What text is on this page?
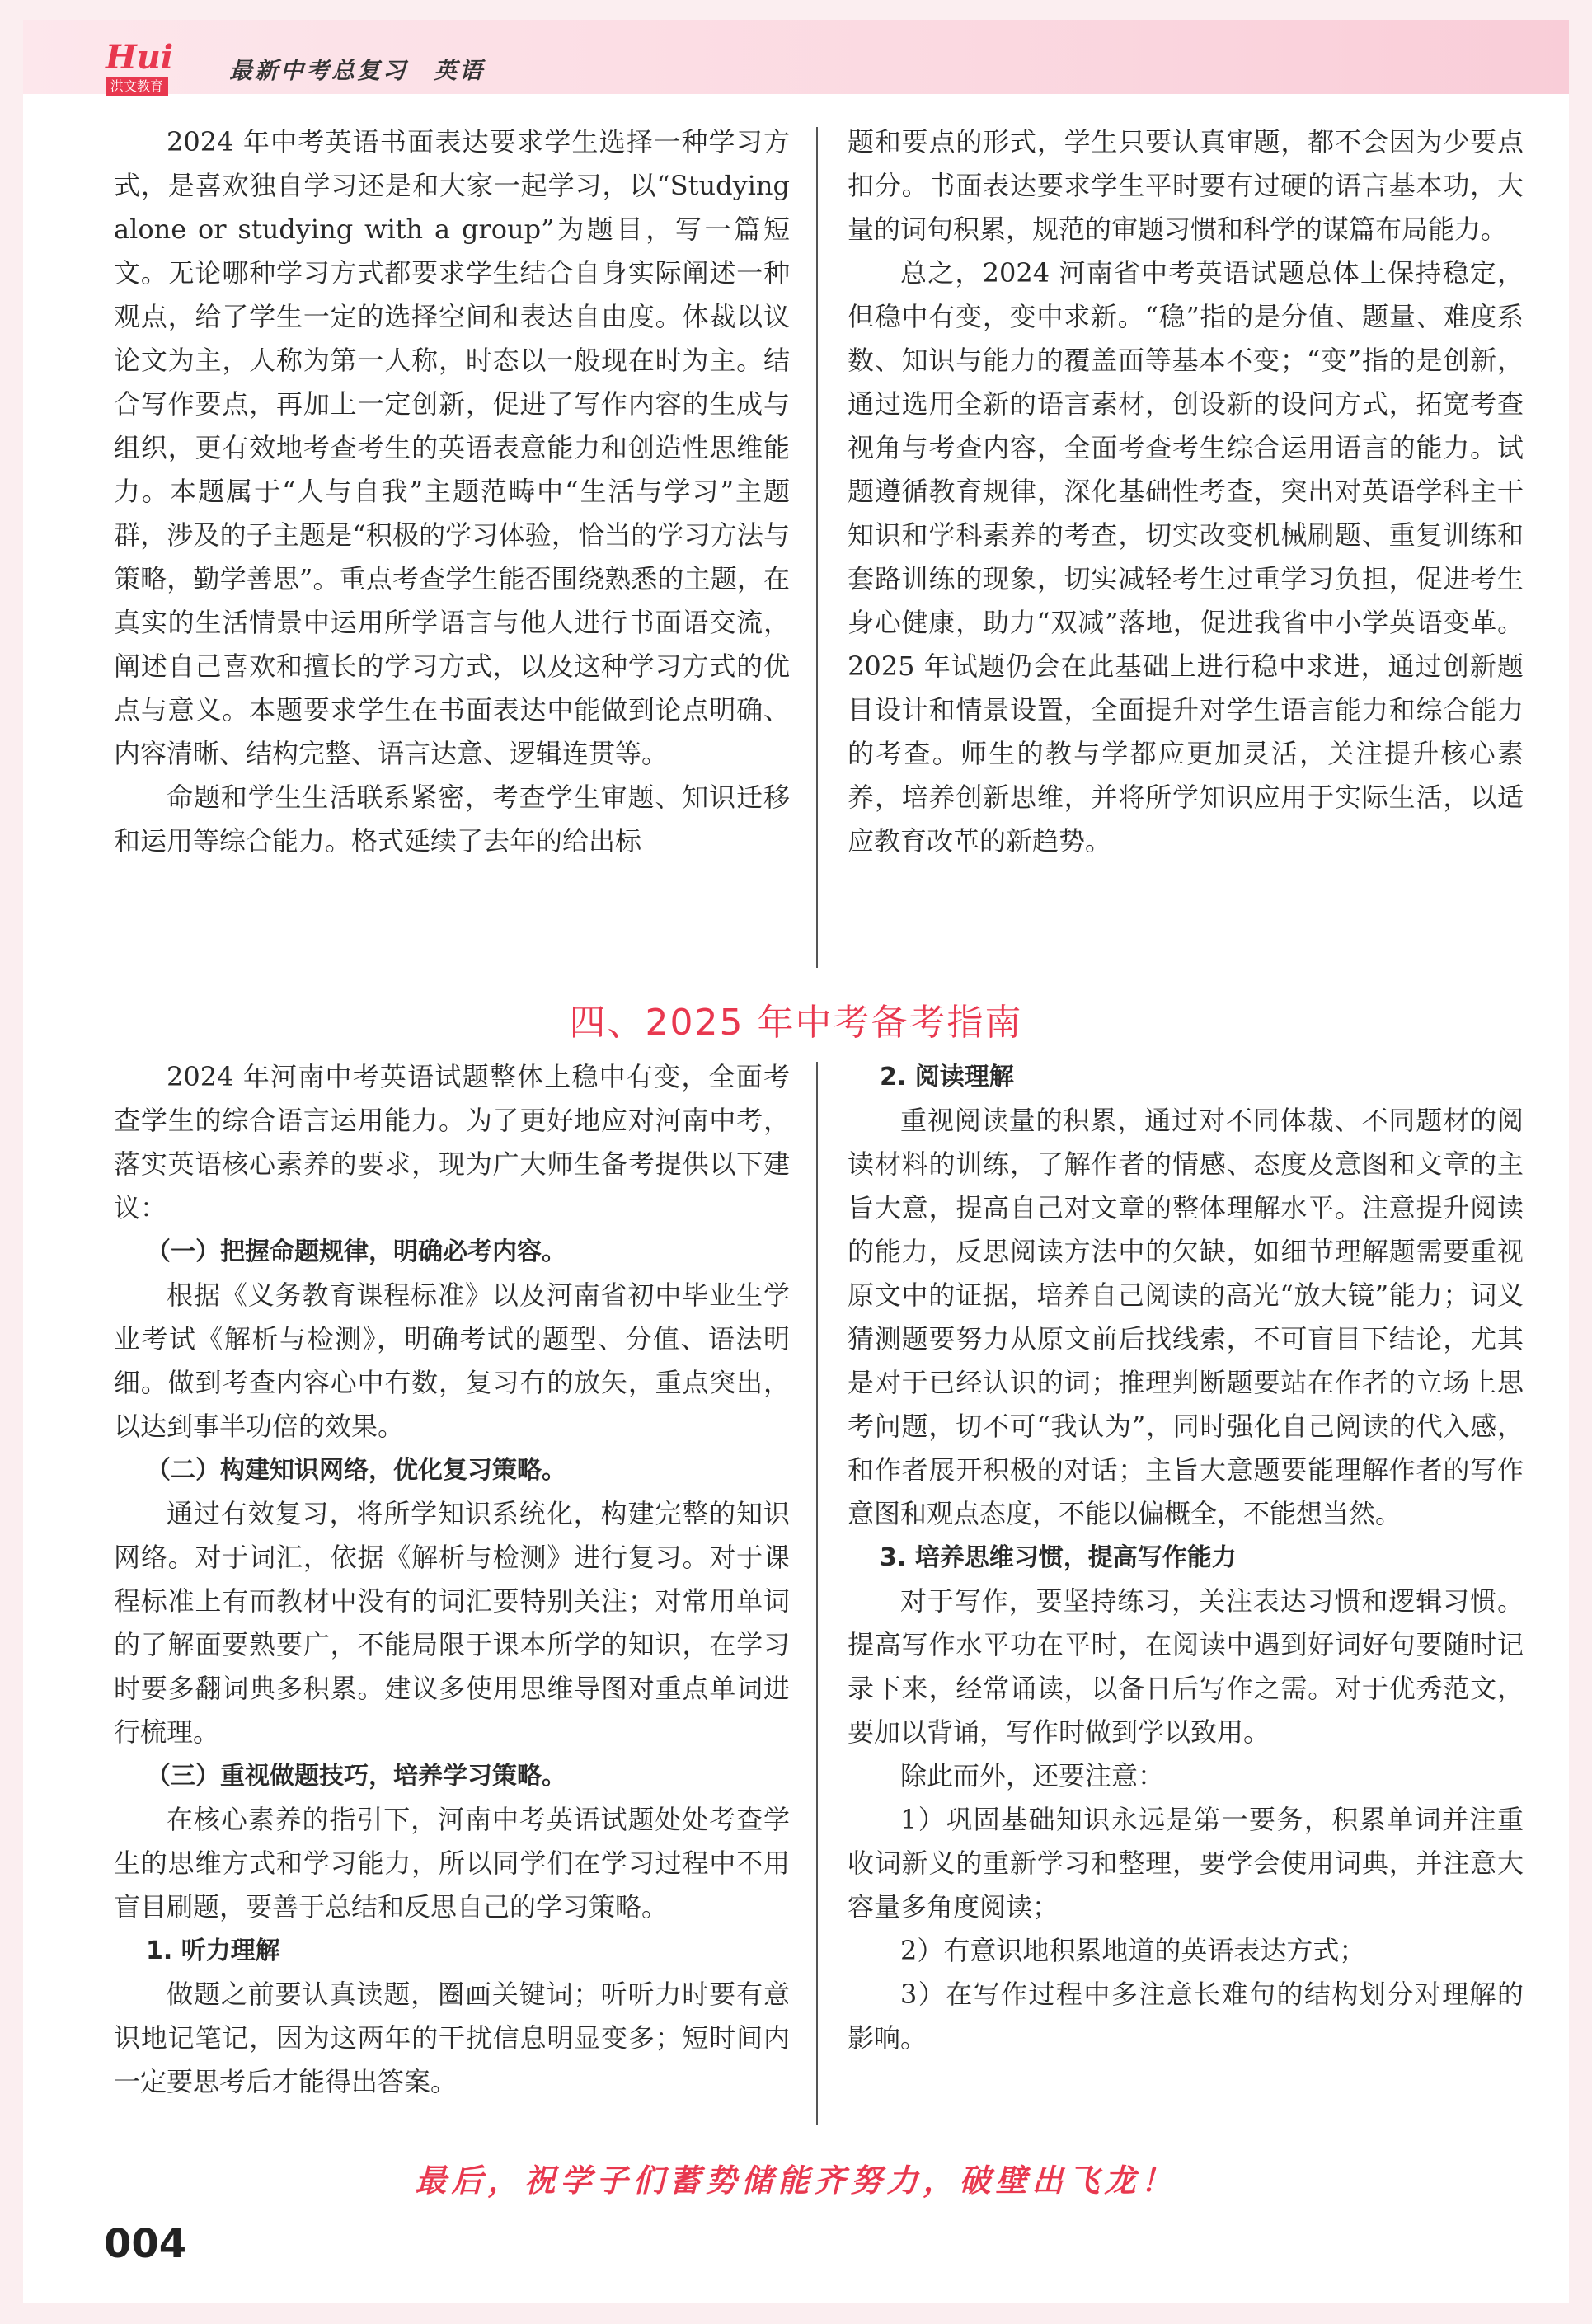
Hui
洪文教育
最新中考总复习　英语

2024 年中考英语书面表达要求学生选择一种学习方式，是喜欢独自学习还是和大家一起学习，以“Studying alone or studying with a group”为题目，写一篇短文。无论哪种学习方式都要求学生结合自身实际阐述一种观点，给了学生一定的选择空间和表达自由度。体裁以议论文为主，人称为第一人称，时态以一般现在时为主。结合写作要点，再加上一定创新，促进了写作内容的生成与组织，更有效地考查考生的英语表意能力和创造性思维能力。本题属于“人与自我”主题范畴中“生活与学习”主题群，涉及的子主题是“积极的学习体验，恰当的学习方法与策略，勤学善思”。重点考查学生能否围绕熟悉的主题，在真实的生活情景中运用所学语言与他人进行书面语交流，阐述自己喜欢和擅长的学习方式，以及这种学习方式的优点与意义。本题要求学生在书面表达中能做到论点明确、内容清晰、结构完整、语言达意、逻辑连贯等。

命题和学生生活联系紧密，考查学生审题、知识迁移和运用等综合能力。格式延续了去年的给出标

题和要点的形式，学生只要认真审题，都不会因为少要点扣分。书面表达要求学生平时要有过硬的语言基本功，大量的词句积累，规范的审题习惯和科学的谋篇布局能力。

总之，2024 河南省中考英语试题总体上保持稳定，但稳中有变，变中求新。“稳”指的是分值、题量、难度系数、知识与能力的覆盖面等基本不变；“变”指的是创新，通过选用全新的语言素材，创设新的设问方式，拓宽考查视角与考查内容，全面考查考生综合运用语言的能力。试题遵循教育规律，深化基础性考查，突出对英语学科主干知识和学科素养的考查，切实改变机械刷题、重复训练和套路训练的现象，切实减轻考生过重学习负担，促进考生身心健康，助力“双减”落地，促进我省中小学英语变革。2025 年试题仍会在此基础上进行稳中求进，通过创新题目设计和情景设置，全面提升对学生语言能力和综合能力的考查。师生的教与学都应更加灵活，关注提升核心素养，培养创新思维，并将所学知识应用于实际生活，以适应教育改革的新趋势。

四、2025 年中考备考指南

2024 年河南中考英语试题整体上稳中有变，全面考查学生的综合语言运用能力。为了更好地应对河南中考，落实英语核心素养的要求，现为广大师生备考提供以下建议：

（一）把握命题规律，明确必考内容。

根据《义务教育课程标准》以及河南省初中毕业生学业考试《解析与检测》，明确考试的题型、分值、语法明细。做到考查内容心中有数，复习有的放矢，重点突出，以达到事半功倍的效果。

（二）构建知识网络，优化复习策略。

通过有效复习，将所学知识系统化，构建完整的知识网络。对于词汇，依据《解析与检测》进行复习。对于课程标准上有而教材中没有的词汇要特别关注；对常用单词的了解面要熟要广，不能局限于课本所学的知识，在学习时要多翻词典多积累。建议多使用思维导图对重点单词进行梳理。

（三）重视做题技巧，培养学习策略。

在核心素养的指引下，河南中考英语试题处处考查学生的思维方式和学习能力，所以同学们在学习过程中不用盲目刷题，要善于总结和反思自己的学习策略。

1. 听力理解

做题之前要认真读题，圈画关键词；听听力时要有意识地记笔记，因为这两年的干扰信息明显变多；短时间内一定要思考后才能得出答案。

2. 阅读理解

重视阅读量的积累，通过对不同体裁、不同题材的阅读材料的训练，了解作者的情感、态度及意图和文章的主旨大意，提高自己对文章的整体理解水平。注意提升阅读的能力，反思阅读方法中的欠缺，如细节理解题需要重视原文中的证据，培养自己阅读的高光“放大镜”能力；词义猜测题要努力从原文前后找线索，不可盲目下结论，尤其是对于已经认识的词；推理判断题要站在作者的立场上思考问题，切不可“我认为”，同时强化自己阅读的代入感，和作者展开积极的对话；主旨大意题要能理解作者的写作意图和观点态度，不能以偏概全，不能想当然。

3. 培养思维习惯，提高写作能力

对于写作，要坚持练习，关注表达习惯和逻辑习惯。提高写作水平功在平时，在阅读中遇到好词好句要随时记录下来，经常诵读，以备日后写作之需。对于优秀范文，要加以背诵，写作时做到学以致用。

除此而外，还要注意：

1）巩固基础知识永远是第一要务，积累单词并注重收词新义的重新学习和整理，要学会使用词典，并注意大容量多角度阅读；

2）有意识地积累地道的英语表达方式；

3）在写作过程中多注意长难句的结构划分对理解的影响。

最后，祝学子们蓄势储能齐努力，破壁出飞龙！
004
